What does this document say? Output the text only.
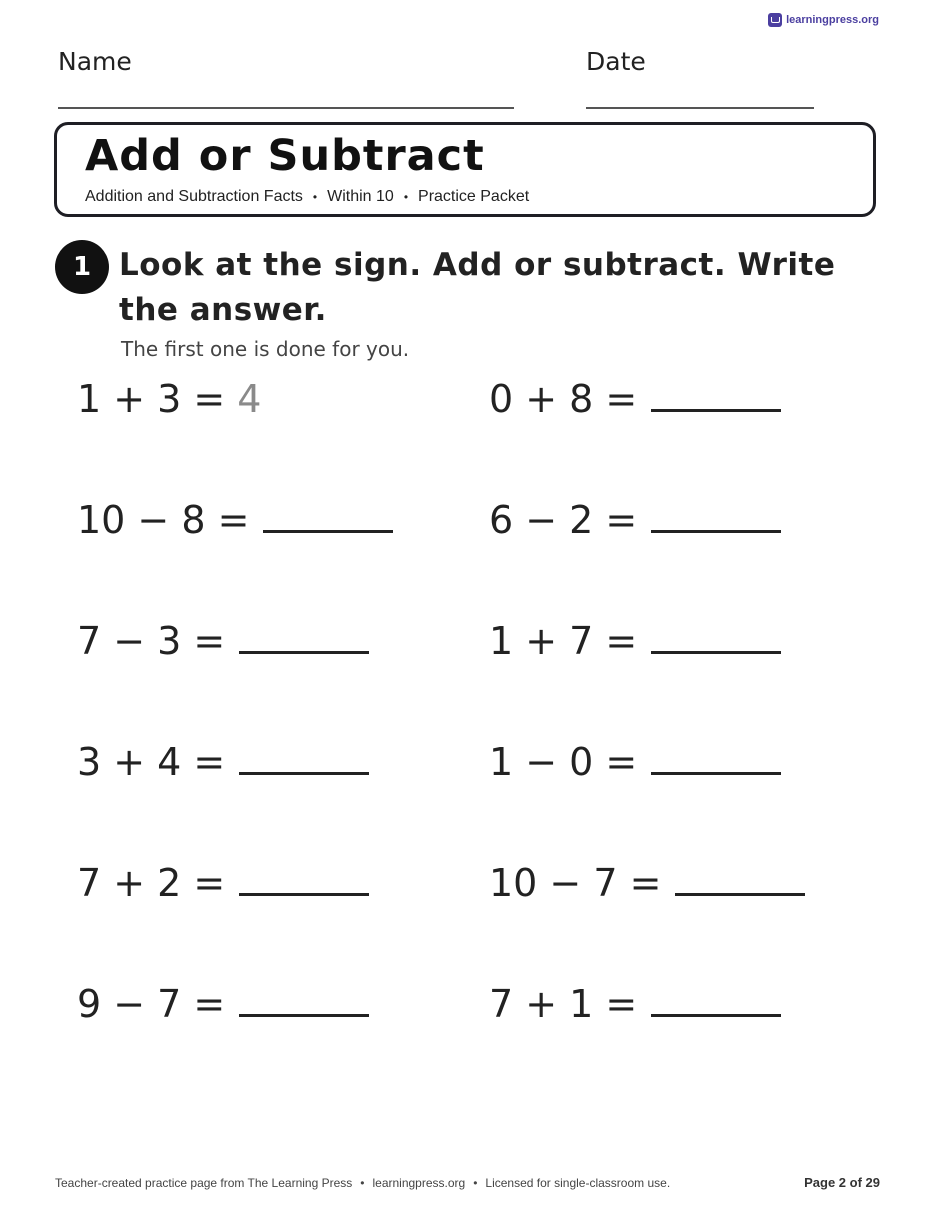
learningpress.org
Name	Date
Add or Subtract
Addition and Subtraction Facts • Within 10 • Practice Packet
1 Look at the sign. Add or subtract. Write the answer.

The first one is done for you.
1 + 3 = 4	0 + 8 =
10 − 8 =	6 − 2 =
7 − 3 =	1 + 7 =
3 + 4 =	1 − 0 =
7 + 2 =	10 − 7 =
9 − 7 =	7 + 1 =
Teacher-created practice page from The Learning Press • learningpress.org • Licensed for single-classroom use.	Page 2 of 29
